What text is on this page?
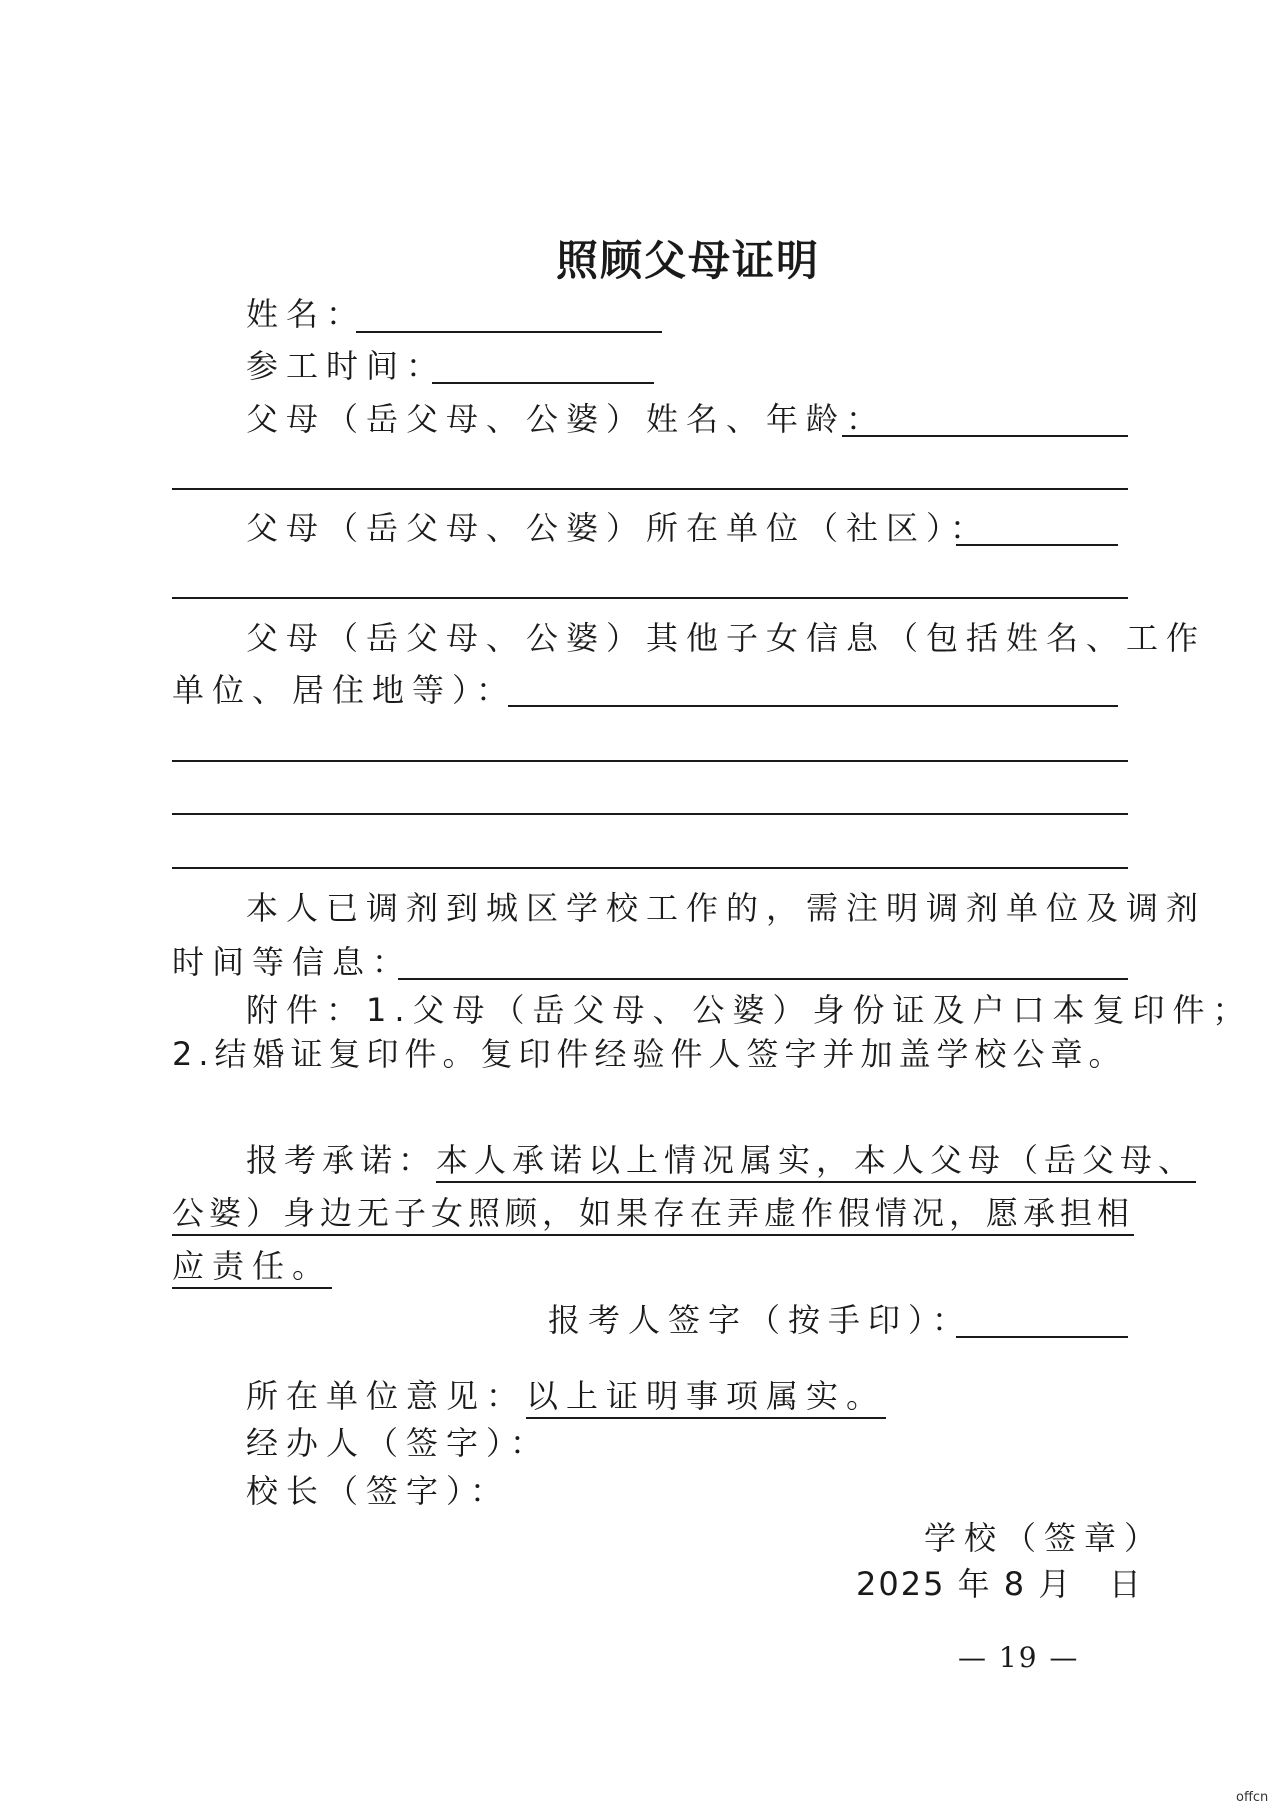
照顾父母证明
姓名：
参工时间：
父母（岳父母、公婆）姓名、年龄：
父母（岳父母、公婆）所在单位（社区）：
父母（岳父母、公婆）其他子女信息（包括姓名、工作
单位、居住地等）：
本人已调剂到城区学校工作的，需注明调剂单位及调剂
时间等信息：
附件：1.父母（岳父母、公婆）身份证及户口本复印件；
2.结婚证复印件。复印件经验件人签字并加盖学校公章。
报考承诺：本人承诺以上情况属实，本人父母（岳父母、
公婆）身边无子女照顾，如果存在弄虚作假情况，愿承担相
应责任。
报考人签字（按手印）：
所在单位意见：以上证明事项属实。
经办人（签字）：
校长（签字）：
学校（签章）
2025 年 8 月   日
— 19 —
offcn
